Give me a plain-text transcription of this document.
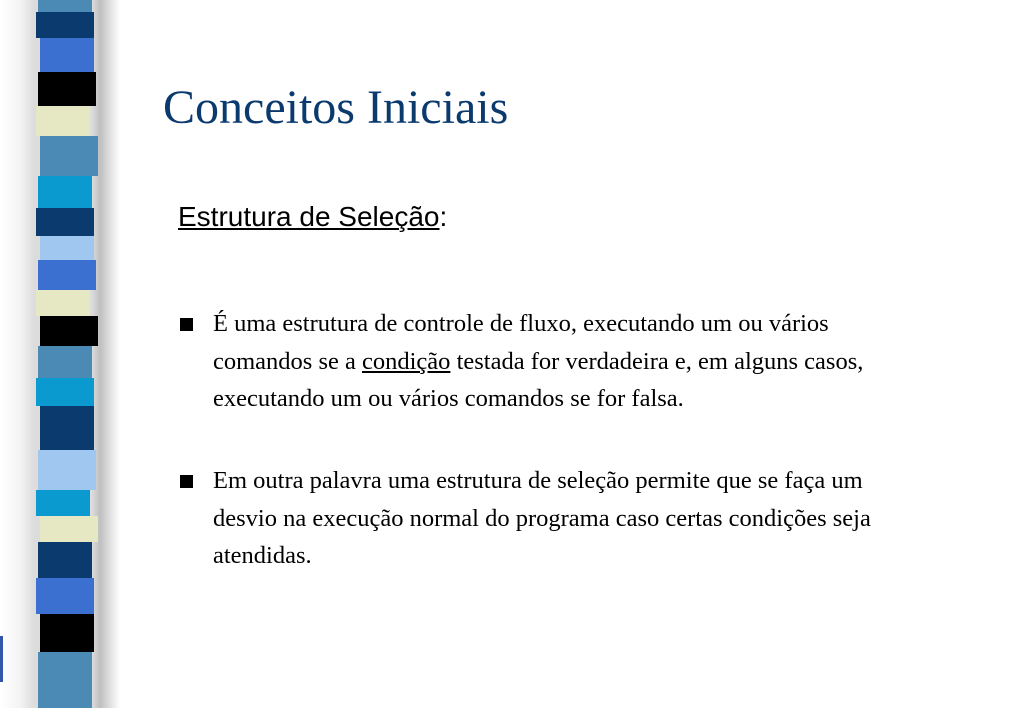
Conceitos Iniciais
Estrutura de Seleção:
É uma estrutura de controle de fluxo, executando um ou vários comandos se a condição testada for verdadeira e, em alguns casos, executando um ou vários comandos se for falsa.
Em outra palavra uma estrutura de seleção permite que se faça um desvio na execução normal do programa caso certas condições seja atendidas.
